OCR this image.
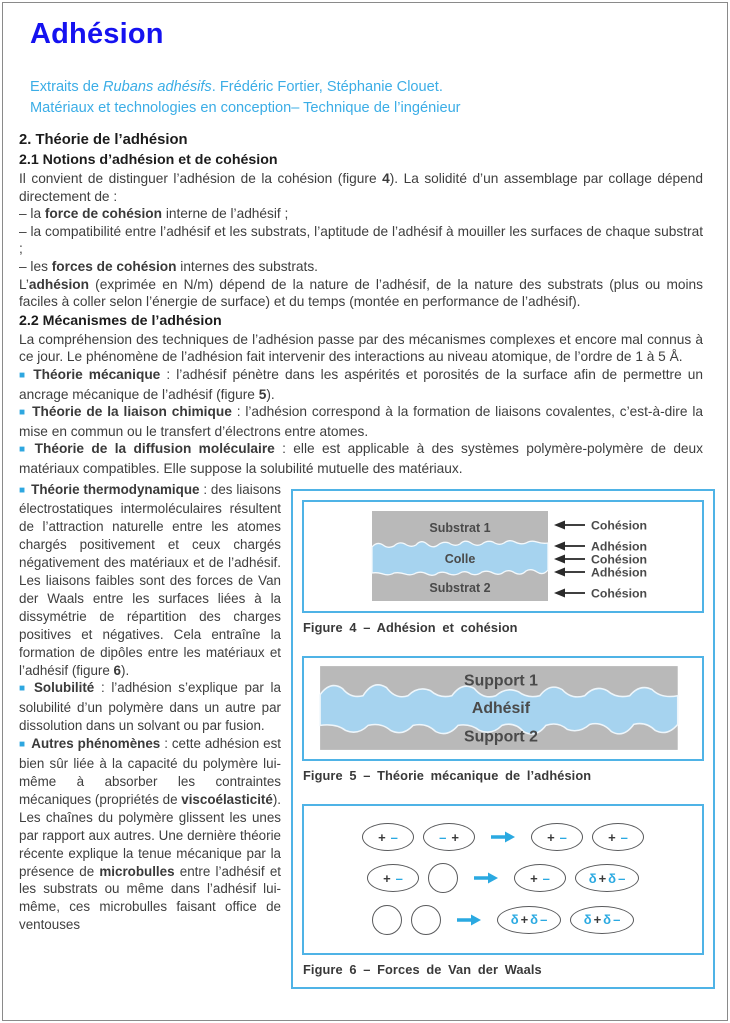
Adhésion
Extraits de Rubans adhésifs. Frédéric Fortier, Stéphanie Clouet.
Matériaux et technologies en conception– Technique de l’ingénieur
2. Théorie de l’adhésion
2.1 Notions d’adhésion et de cohésion

Il convient de distinguer l’adhésion de la cohésion (figure 4). La solidité d’un assemblage par collage dépend directement de :

– la force de cohésion interne de l’adhésif ;

– la compatibilité entre l’adhésif et les substrats, l’aptitude de l’adhésif à mouiller les surfaces de chaque substrat ;

– les forces de cohésion internes des substrats.

L’adhésion (exprimée en N/m) dépend de la nature de l’adhésif, de la nature des substrats (plus ou moins faciles à coller selon l’énergie de surface) et du temps (montée en performance de l’adhésif).

2.2 Mécanismes de l’adhésion

La compréhension des techniques de l’adhésion passe par des mécanismes complexes et encore mal connus à ce jour. Le phénomène de l’adhésion fait intervenir des interactions au niveau atomique, de l’ordre de 1 à 5 Å.

■ Théorie mécanique : l’adhésif pénètre dans les aspérités et porosités de la surface afin de permettre un ancrage mécanique de l’adhésif (figure 5).

■ Théorie de la liaison chimique : l’adhésion correspond à la formation de liaisons covalentes, c’est-à-dire la mise en commun ou le transfert d’électrons entre atomes.

■ Théorie de la diffusion moléculaire : elle est applicable à des systèmes polymère-polymère de deux matériaux compatibles. Elle suppose la solubilité mutuelle des matériaux.

■ Théorie thermodynamique : des liaisons électrostatiques intermoléculaires résultent de l’attraction naturelle entre les atomes chargés positivement et ceux chargés négativement des matériaux et de l’adhésif. Les liaisons faibles sont des forces de Van der Waals entre les surfaces liées à la dissymétrie de répartition des charges positives et négatives. Cela entraîne la formation de dipôles entre les matériaux et l’adhésif (figure 6).

■ Solubilité : l’adhésion s’explique par la solubilité d’un polymère dans un autre par dissolution dans un solvant ou par fusion.

■ Autres phénomènes : cette adhésion est bien sûr liée à la capacité du polymère lui-même à absorber les contraintes mécaniques (propriétés de viscoélasticité). Les chaînes du polymère glissent les unes par rapport aux autres. Une dernière théorie récente explique la tenue mécanique par la présence de microbulles entre l’adhésif et les substrats ou même dans l’adhésif lui-même, ces microbulles faisant office de ventouses

Substrat 1
Colle
Substrat 2
Cohésion
Adhésion
Cohésion
Adhésion
Cohésion
Figure 4 – Adhésion et cohésion
Support 1
Adhésif
Support 2
Figure 5 – Théorie mécanique de l’adhésion
+ –	– +	+ –	+ –
+ –	+ –	δ + δ –
δ + δ –	δ + δ –
Figure 6 – Forces de Van der Waals
